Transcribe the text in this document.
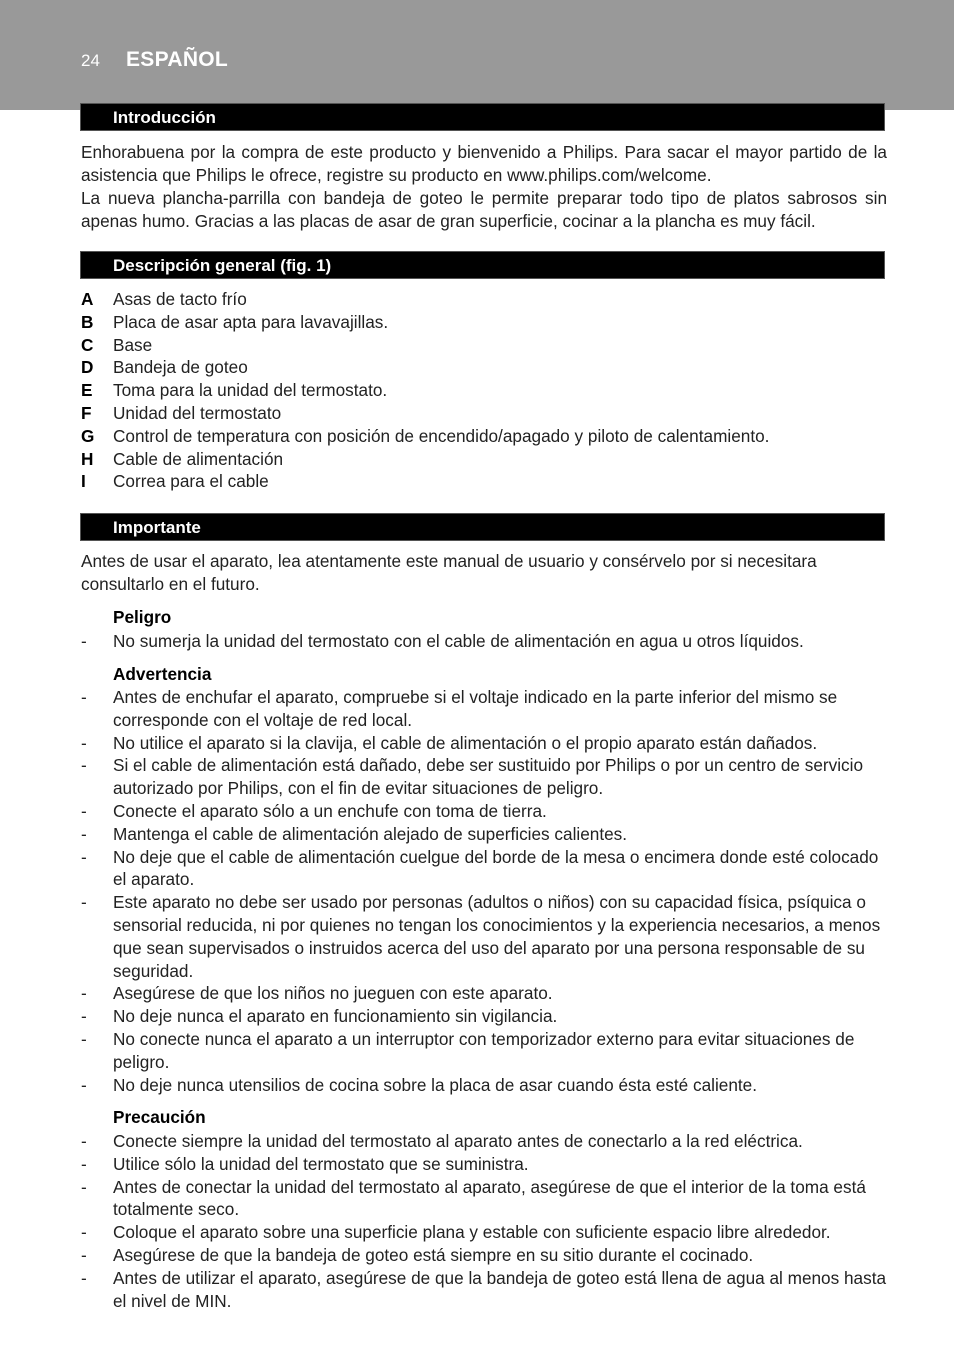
24 ESPAÑOL
Introducción

Enhorabuena por la compra de este producto y bienvenido a Philips. Para sacar el mayor partido de la asistencia que Philips le ofrece, registre su producto en www.philips.com/welcome.

La nueva plancha-parrilla con bandeja de goteo le permite preparar todo tipo de platos sabrosos sin apenas humo. Gracias a las placas de asar de gran superficie, cocinar a la plancha es muy fácil.

Descripción general (fig. 1)
A	Asas de tacto frío
B	Placa de asar apta para lavavajillas.
C	Base
D	Bandeja de goteo
E	Toma para la unidad del termostato.
F	Unidad del termostato
G	Control de temperatura con posición de encendido/apagado y piloto de calentamiento.
H	Cable de alimentación
I	Correa para el cable
Importante

Antes de usar el aparato, lea atentamente este manual de usuario y consérvelo por si necesitara consultarlo en el futuro.

Peligro
-	No sumerja la unidad del termostato con el cable de alimentación en agua u otros líquidos.
Advertencia
-	Antes de enchufar el aparato, compruebe si el voltaje indicado en la parte inferior del mismo se corresponde con el voltaje de red local.
-	No utilice el aparato si la clavija, el cable de alimentación o el propio aparato están dañados.
-	Si el cable de alimentación está dañado, debe ser sustituido por Philips o por un centro de servicio autorizado por Philips, con el fin de evitar situaciones de peligro.
-	Conecte el aparato sólo a un enchufe con toma de tierra.
-	Mantenga el cable de alimentación alejado de superficies calientes.
-	No deje que el cable de alimentación cuelgue del borde de la mesa o encimera donde esté colocado el aparato.
-	Este aparato no debe ser usado por personas (adultos o niños) con su capacidad física, psíquica o sensorial reducida, ni por quienes no tengan los conocimientos y la experiencia necesarios, a menos que sean supervisados o instruidos acerca del uso del aparato por una persona responsable de su seguridad.
-	Asegúrese de que los niños no jueguen con este aparato.
-	No deje nunca el aparato en funcionamiento sin vigilancia.
-	No conecte nunca el aparato a un interruptor con temporizador externo para evitar situaciones de peligro.
-	No deje nunca utensilios de cocina sobre la placa de asar cuando ésta esté caliente.
Precaución
-	Conecte siempre la unidad del termostato al aparato antes de conectarlo a la red eléctrica.
-	Utilice sólo la unidad del termostato que se suministra.
-	Antes de conectar la unidad del termostato al aparato, asegúrese de que el interior de la toma está totalmente seco.
-	Coloque el aparato sobre una superficie plana y estable con suficiente espacio libre alrededor.
-	Asegúrese de que la bandeja de goteo está siempre en su sitio durante el cocinado.
-	Antes de utilizar el aparato, asegúrese de que la bandeja de goteo está llena de agua al menos hasta el nivel de MIN.
